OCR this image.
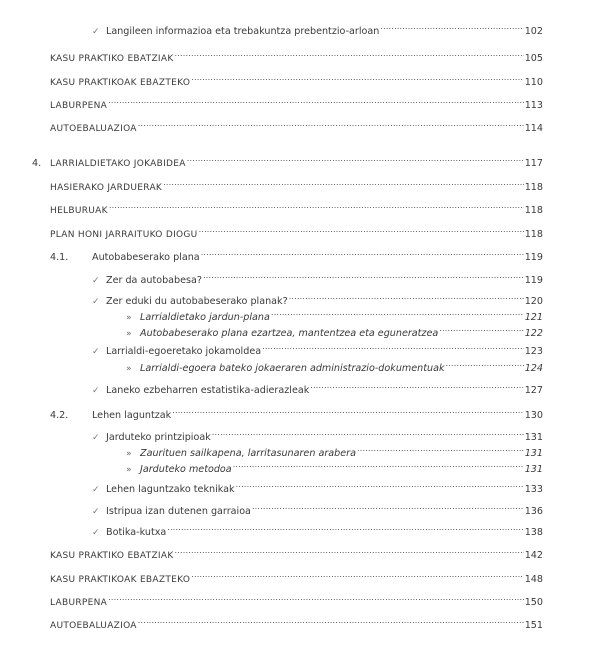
✓ Langileen informazioa eta trebakuntza prebentzio-arloan .....	102
KASU PRAKTIKO EBATZIAK .....	105
KASU PRAKTIKOAK EBAZTEKO .....	110
LABURPENA .....	113
AUTOEBALUAZIOA .....	114
4. LARRIALDIETAKO JOKABIDEA .....	117
HASIERAKO JARDUERAK .....	118
HELBURUAK .....	118
PLAN HONI JARRAITUKO DIOGU .....	118
4.1.	Autobabeserako plana .....	119
✓ Zer da autobabesa? .....	119
✓ Zer eduki du autobabeserako planak? .....	120
» Larrialdietako jardun-plana .....	121
» Autobabeserako plana ezartzea, mantentzea eta eguneratzea .....	122
✓ Larrialdi-egoeretako jokamoldea .....	123
» Larrialdi-egoera bateko jokaeraren administrazio-dokumentuak .....	124
✓ Laneko ezbeharren estatistika-adierazleak .....	127
4.2.	Lehen laguntzak .....	130
✓ Jarduteko printzipioak .....	131
» Zaurituen sailkapena, larritasunaren arabera .....	131
» Jarduteko metodoa .....	131
✓ Lehen laguntzako teknikak .....	133
✓ Istripua izan dutenen garraioa .....	136
✓ Botika-kutxa .....	138
KASU PRAKTIKO EBATZIAK .....	142
KASU PRAKTIKOAK EBAZTEKO .....	148
LABURPENA .....	150
AUTOEBALUAZIOA .....	151
